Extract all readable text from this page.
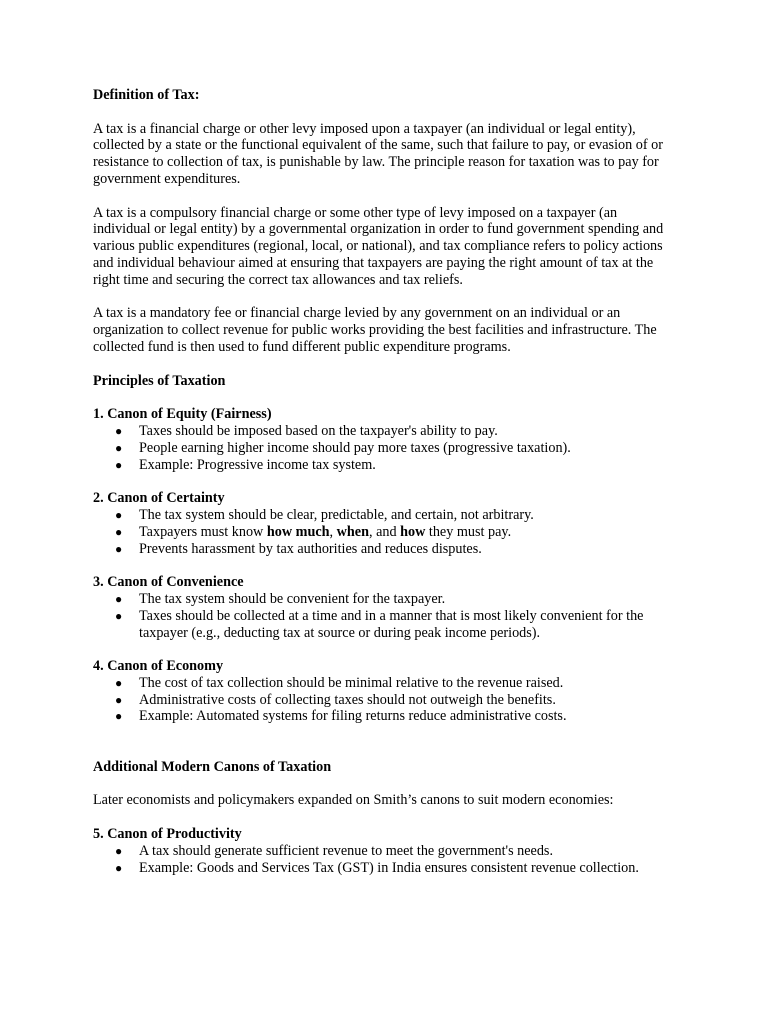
Definition of Tax:

A tax is a financial charge or other levy imposed upon a taxpayer (an individual or legal entity), collected by a state or the functional equivalent of the same, such that failure to pay, or evasion of or resistance to collection of tax, is punishable by law. The principle reason for taxation was to pay for government expenditures.

A tax is a compulsory financial charge or some other type of levy imposed on a taxpayer (an individual or legal entity) by a governmental organization in order to fund government spending and various public expenditures (regional, local, or national), and tax compliance refers to policy actions and individual behaviour aimed at ensuring that taxpayers are paying the right amount of tax at the right time and securing the correct tax allowances and tax reliefs.

A tax is a mandatory fee or financial charge levied by any government on an individual or an organization to collect revenue for public works providing the best facilities and infrastructure. The collected fund is then used to fund different public expenditure programs.

Principles of Taxation

1. Canon of Equity (Fairness)

● Taxes should be imposed based on the taxpayer's ability to pay.
● People earning higher income should pay more taxes (progressive taxation).
● Example: Progressive income tax system.

2. Canon of Certainty

● The tax system should be clear, predictable, and certain, not arbitrary.
● Taxpayers must know how much, when, and how they must pay.
● Prevents harassment by tax authorities and reduces disputes.

3. Canon of Convenience

● The tax system should be convenient for the taxpayer.
● Taxes should be collected at a time and in a manner that is most likely convenient for the taxpayer (e.g., deducting tax at source or during peak income periods).

4. Canon of Economy

● The cost of tax collection should be minimal relative to the revenue raised.
● Administrative costs of collecting taxes should not outweigh the benefits.
● Example: Automated systems for filing returns reduce administrative costs.

Additional Modern Canons of Taxation

Later economists and policymakers expanded on Smith’s canons to suit modern economies:

5. Canon of Productivity

● A tax should generate sufficient revenue to meet the government's needs.
● Example: Goods and Services Tax (GST) in India ensures consistent revenue collection.
